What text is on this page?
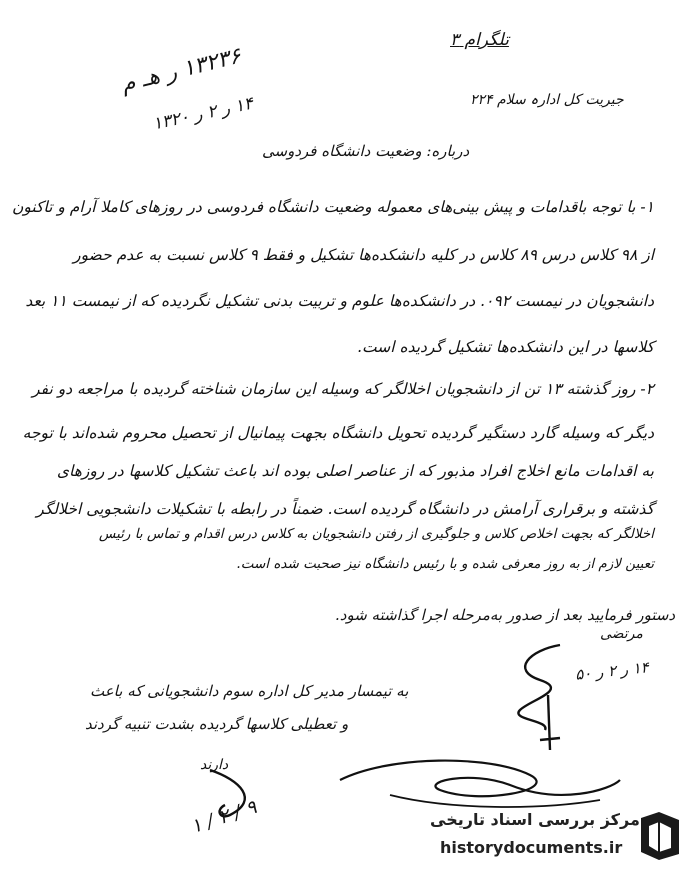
تلگرام ۳
۱۳۲۳۶ ر هـ م
۱۴ ر ۲ ر ۱۳۲۰	جیریت کل ادارہ سلام ۲۲۴
درباره: وضعیت دانشگاه فردوسی
۱- با توجه باقدامات و پیش بینی‌های معموله وضعیت دانشگاه فردوسی در روزهای کاملا آرام و تاکنون
از ۹۸ کلاس درس ۸۹ کلاس در کلیه دانشکده‌ها تشکیل و فقط ۹ کلاس نسبت به عدم حضور
دانشجویان در نیمست ۰۹۲. در دانشکده‌ها علوم و تربیت بدنی تشکیل نگردیده که از نیمست ۱۱ بعد
کلاسها در این دانشکده‌ها تشکیل گردیده است.
۲- روز گذشته ۱۳ تن از دانشجویان اخلالگر که وسیله این سازمان شناخته گردیده با مراجعه دو نفر
دیگر که وسیله گارد دستگیر گردیده تحویل دانشگاه بجهت پیمانیال از تحصیل محروم شده‌اند با توجه
به اقدامات مانع اخلاج افراد مذبور که از عناصر اصلی بوده اند باعث تشکیل کلاسها در روزهای
گذشته و برقراری آرامش در دانشگاه گردیده است. ضمناً در رابطه با تشکیلات دانشجویی اخلالگر
اخلالگر که بجهت اخلاص کلاس و جلوگیری از رفتن دانشجویان به کلاس درس اقدام و تماس با رئیس
تعیین لازم از به روز معرفی شده و با رئیس دانشگاه نیز صحبت شده است.
دستور فرمایید بعد از صدور به‌مرحله اجرا گذاشته شود.
مرتضی
۱۴ ر ۲ ر ۵۰
به تیمسار مدیر کل اداره سوم دانشجویانی که باعث
و تعطیلی کلاسها گردیده بشدت تنبیه گردند
دارند
۹ / ۲ / ۱	مرکز بررسی اسناد تاریخی
historydocuments.ir
